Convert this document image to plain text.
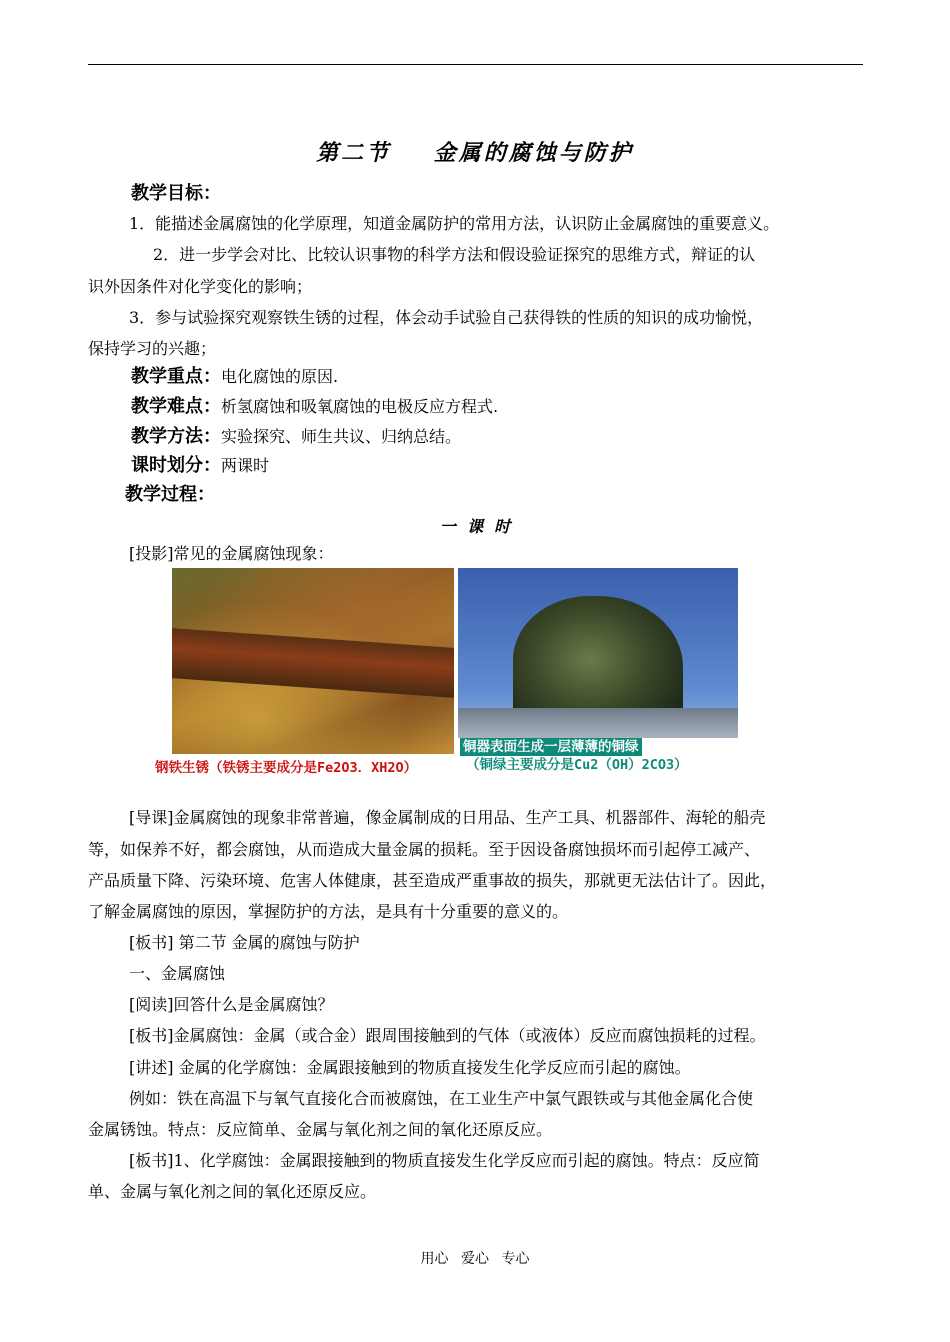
第二节    金属的腐蚀与防护
教学目标：
1．能描述金属腐蚀的化学原理，知道金属防护的常用方法，认识防止金属腐蚀的重要意义。
2．进一步学会对比、比较认识事物的科学方法和假设验证探究的思维方式，辩证的认
识外因条件对化学变化的影响；
3．参与试验探究观察铁生锈的过程，体会动手试验自己获得铁的性质的知识的成功愉悦，
保持学习的兴趣；
教学重点：电化腐蚀的原因.
教学难点：析氢腐蚀和吸氧腐蚀的电极反应方程式.
教学方法：实验探究、师生共议、归纳总结。
课时划分：两课时
教学过程：
一  课  时
[投影]常见的金属腐蚀现象：
钢铁生锈（铁锈主要成分是Fe2O3．XH2O）
铜器表面生成一层薄薄的铜绿
（铜绿主要成分是Cu2（OH）2CO3）
[导课]金属腐蚀的现象非常普遍，像金属制成的日用品、生产工具、机器部件、海轮的船壳
等，如保养不好，都会腐蚀，从而造成大量金属的损耗。至于因设备腐蚀损坏而引起停工减产、
产品质量下降、污染环境、危害人体健康，甚至造成严重事故的损失，那就更无法估计了。因此，
了解金属腐蚀的原因，掌握防护的方法，是具有十分重要的意义的。
[板书] 第二节 金属的腐蚀与防护
一、金属腐蚀
[阅读]回答什么是金属腐蚀？
[板书]金属腐蚀：金属（或合金）跟周围接触到的气体（或液体）反应而腐蚀损耗的过程。
[讲述] 金属的化学腐蚀：金属跟接触到的物质直接发生化学反应而引起的腐蚀。
例如：铁在高温下与氧气直接化合而被腐蚀，在工业生产中氯气跟铁或与其他金属化合使
金属锈蚀。特点：反应简单、金属与氧化剂之间的氧化还原反应。
[板书]1、化学腐蚀：金属跟接触到的物质直接发生化学反应而引起的腐蚀。特点：反应简
单、金属与氧化剂之间的氧化还原反应。
用心 爱心 专心
